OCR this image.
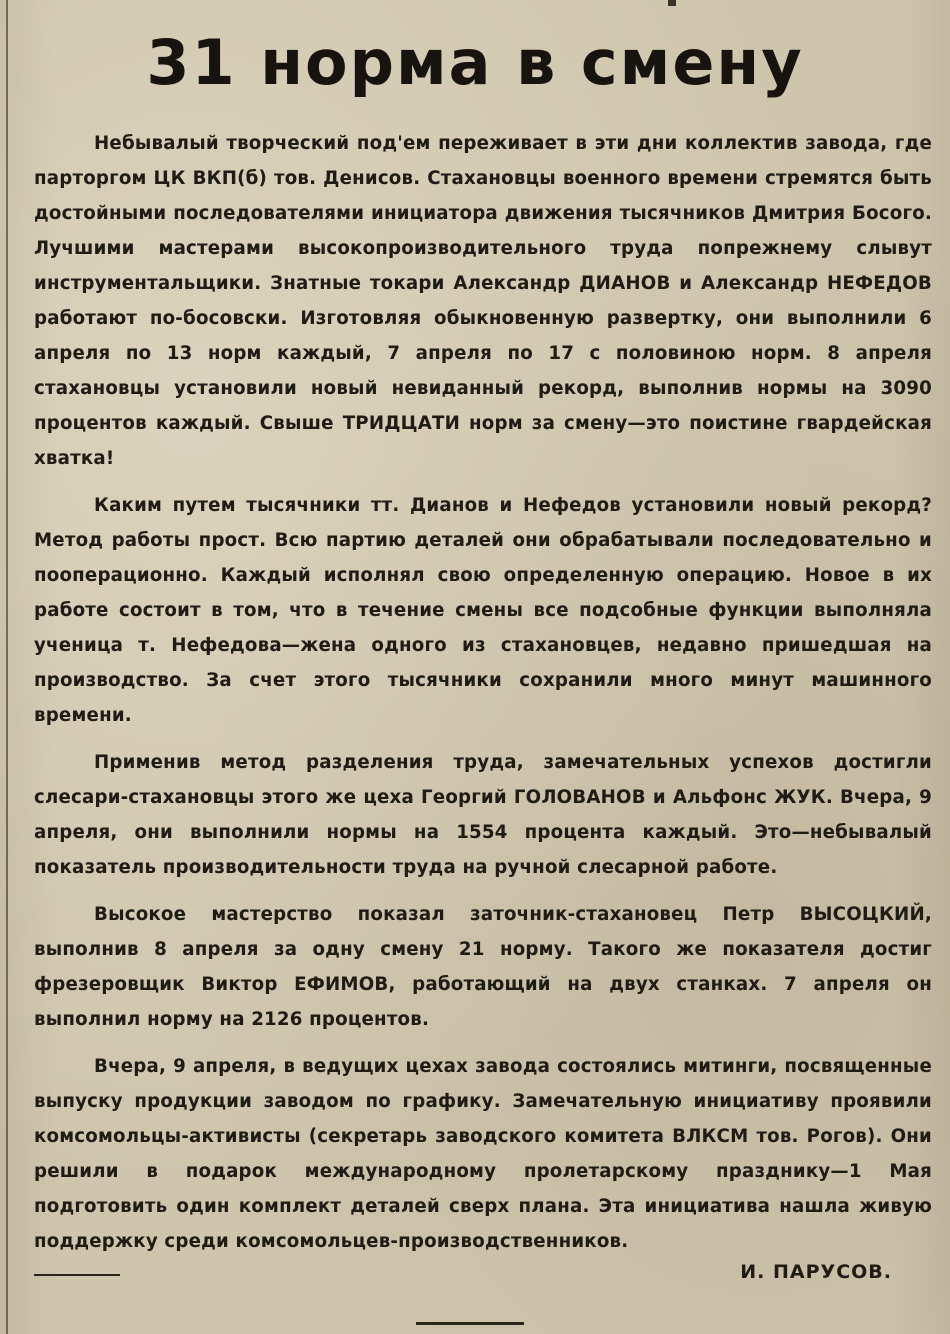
31 норма в смену

Небывалый творческий под'ем переживает в эти дни коллектив завода, где парторгом ЦК ВКП(б) тов. Денисов. Стахановцы военного времени стремятся быть достойными последователями инициатора движения тысячников Дмитрия Босого. Лучшими мастерами высокопроизводительного труда попрежнему слывут инструментальщики. Знатные токари Александр ДИАНОВ и Александр НЕФЕДОВ работают по-босовски. Изготовляя обыкновенную развертку, они выполнили 6 апреля по 13 норм каждый, 7 апреля по 17 с половиною норм. 8 апреля стахановцы установили новый невиданный рекорд, выполнив нормы на 3090 процентов каждый. Свыше ТРИДЦАТИ норм за смену—это поистине гвардейская хватка!

Каким путем тысячники тт. Дианов и Нефедов установили новый рекорд? Метод работы прост. Всю партию деталей они обрабатывали последовательно и пооперационно. Каждый исполнял свою определенную операцию. Новое в их работе состоит в том, что в течение смены все подсобные функции выполняла ученица т. Нефедова—жена одного из стахановцев, недавно пришедшая на производство. За счет этого тысячники сохранили много минут машинного времени.

Применив метод разделения труда, замечательных успехов достигли слесари-стахановцы этого же цеха Георгий ГОЛОВАНОВ и Альфонс ЖУК. Вчера, 9 апреля, они выполнили нормы на 1554 процента каждый. Это—небывалый показатель производительности труда на ручной слесарной работе.

Высокое мастерство показал заточник-стахановец Петр ВЫСОЦКИЙ, выполнив 8 апреля за одну смену 21 норму. Такого же показателя достиг фрезеровщик Виктор ЕФИМОВ, работающий на двух станках. 7 апреля он выполнил норму на 2126 процентов.

Вчера, 9 апреля, в ведущих цехах завода состоялись митинги, посвященные выпуску продукции заводом по графику. Замечательную инициативу проявили комсомольцы-активисты (секретарь заводского комитета ВЛКСМ тов. Рогов). Они решили в подарок международному пролетарскому празднику—1 Мая подготовить один комплект деталей сверх плана. Эта инициатива нашла живую поддержку среди комсомольцев-производственников.

И. ПАРУСОВ.
